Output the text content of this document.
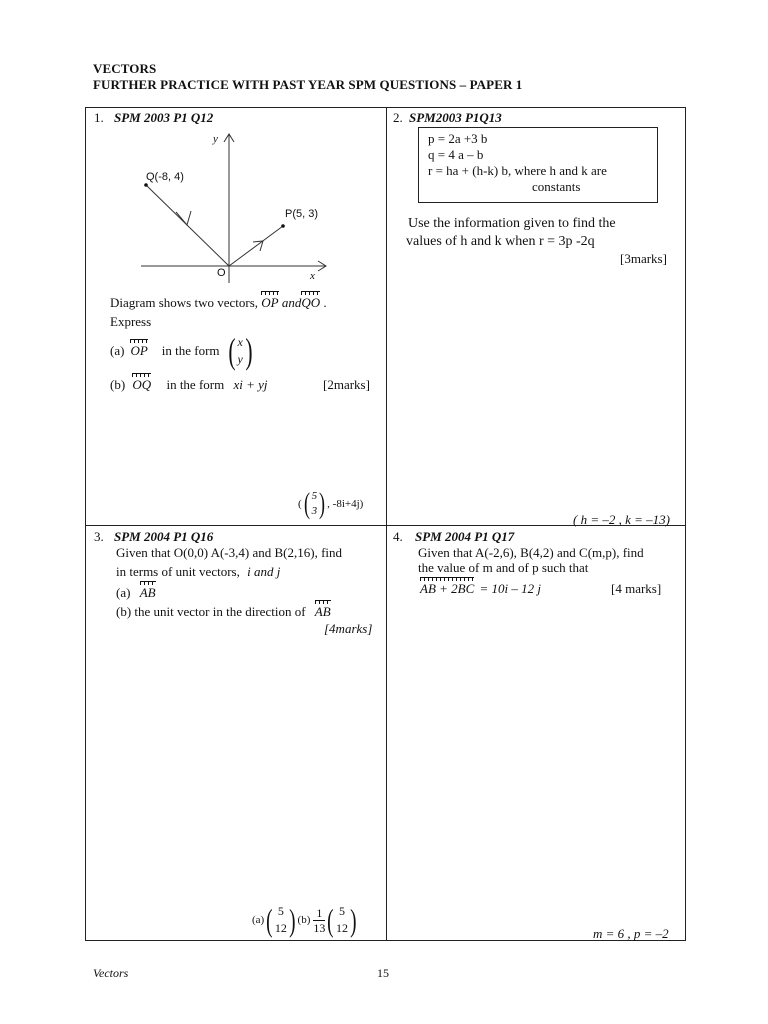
VECTORS
FURTHER PRACTICE WITH PAST YEAR SPM QUESTIONS – PAPER 1
1. SPM 2003 P1 Q12
y
x
O
Q(-8, 4)
P(5, 3)
Diagram shows two vectors, OP andQO .
Express
(a) OP in the form ( x
y )
(b) OQ in the form xi + yj	[2marks]
( ( 5
3 ) , -8i+4j)
2. SPM2003 P1Q13
p = 2a +3 b
q = 4 a – b
r = ha + (h-k) b, where h and k are
constants
Use the information given to find the
values of h and k when r = 3p -2q
[3marks]
( h = –2 , k = –13)
3. SPM 2004 P1 Q16
Given that O(0,0) A(-3,4) and B(2,16), find
in terms of unit vectors, i and j
(a) AB
(b) the unit vector in the direction of AB
[4marks]
(a) ( 5
12 ) $(b) \frac{1}{13}$ ( 5
12 )
4. SPM 2004 P1 Q17
Given that A(-2,6), B(4,2) and C(m,p), find
the value of m and of p such that
AB + 2BC = 10i – 12 j	[4 marks]
m = 6 , p = –2
Vectors	15
